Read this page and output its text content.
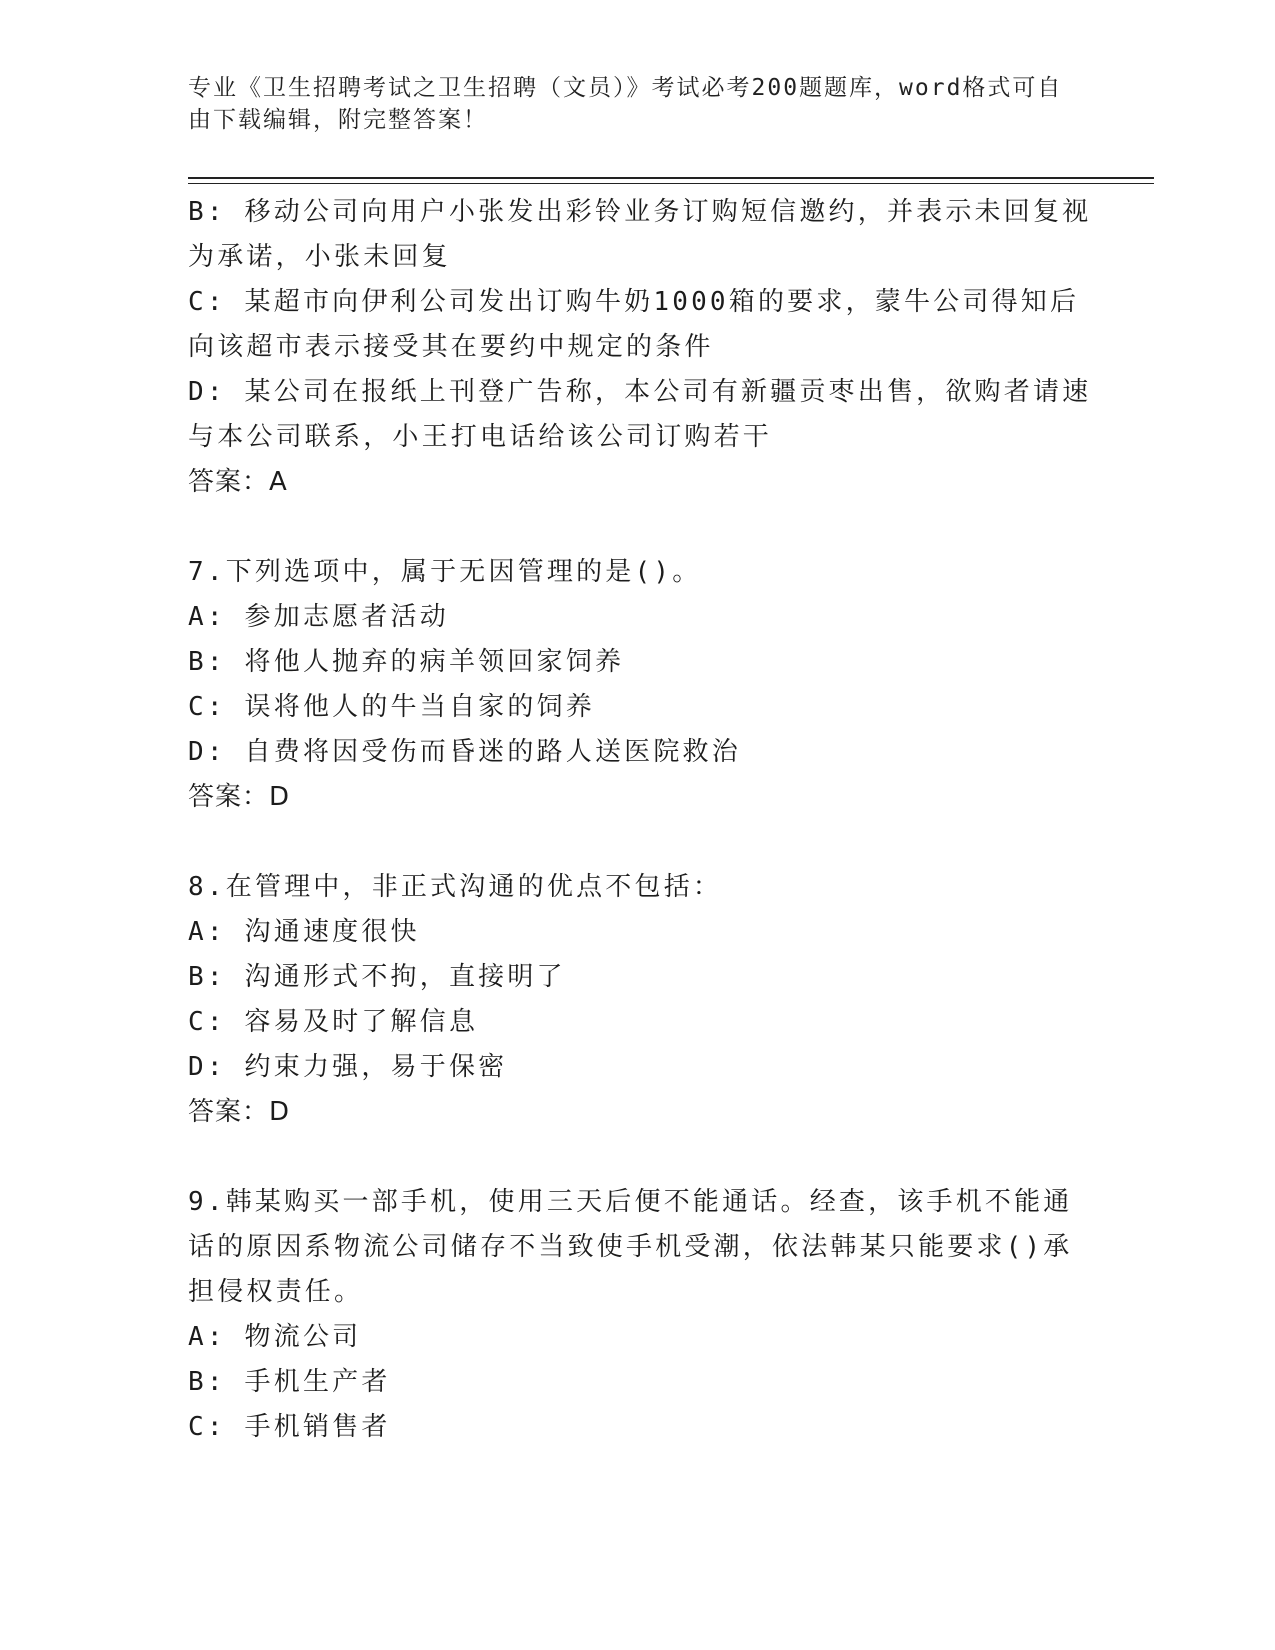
专业《卫生招聘考试之卫生招聘（文员）》考试必考200题题库，word格式可自
由下载编辑，附完整答案！
B: 移动公司向用户小张发出彩铃业务订购短信邀约，并表示未回复视
为承诺，小张未回复
C: 某超市向伊利公司发出订购牛奶1000箱的要求，蒙牛公司得知后
向该超市表示接受其在要约中规定的条件
D: 某公司在报纸上刊登广告称，本公司有新疆贡枣出售，欲购者请速
与本公司联系，小王打电话给该公司订购若干
答案：A
7.下列选项中，属于无因管理的是()。
A: 参加志愿者活动
B: 将他人抛弃的病羊领回家饲养
C: 误将他人的牛当自家的饲养
D: 自费将因受伤而昏迷的路人送医院救治
答案：D
8.在管理中，非正式沟通的优点不包括：
A: 沟通速度很快
B: 沟通形式不拘，直接明了
C: 容易及时了解信息
D: 约束力强，易于保密
答案：D
9.韩某购买一部手机，使用三天后便不能通话。经查，该手机不能通
话的原因系物流公司储存不当致使手机受潮，依法韩某只能要求()承
担侵权责任。
A: 物流公司
B: 手机生产者
C: 手机销售者
